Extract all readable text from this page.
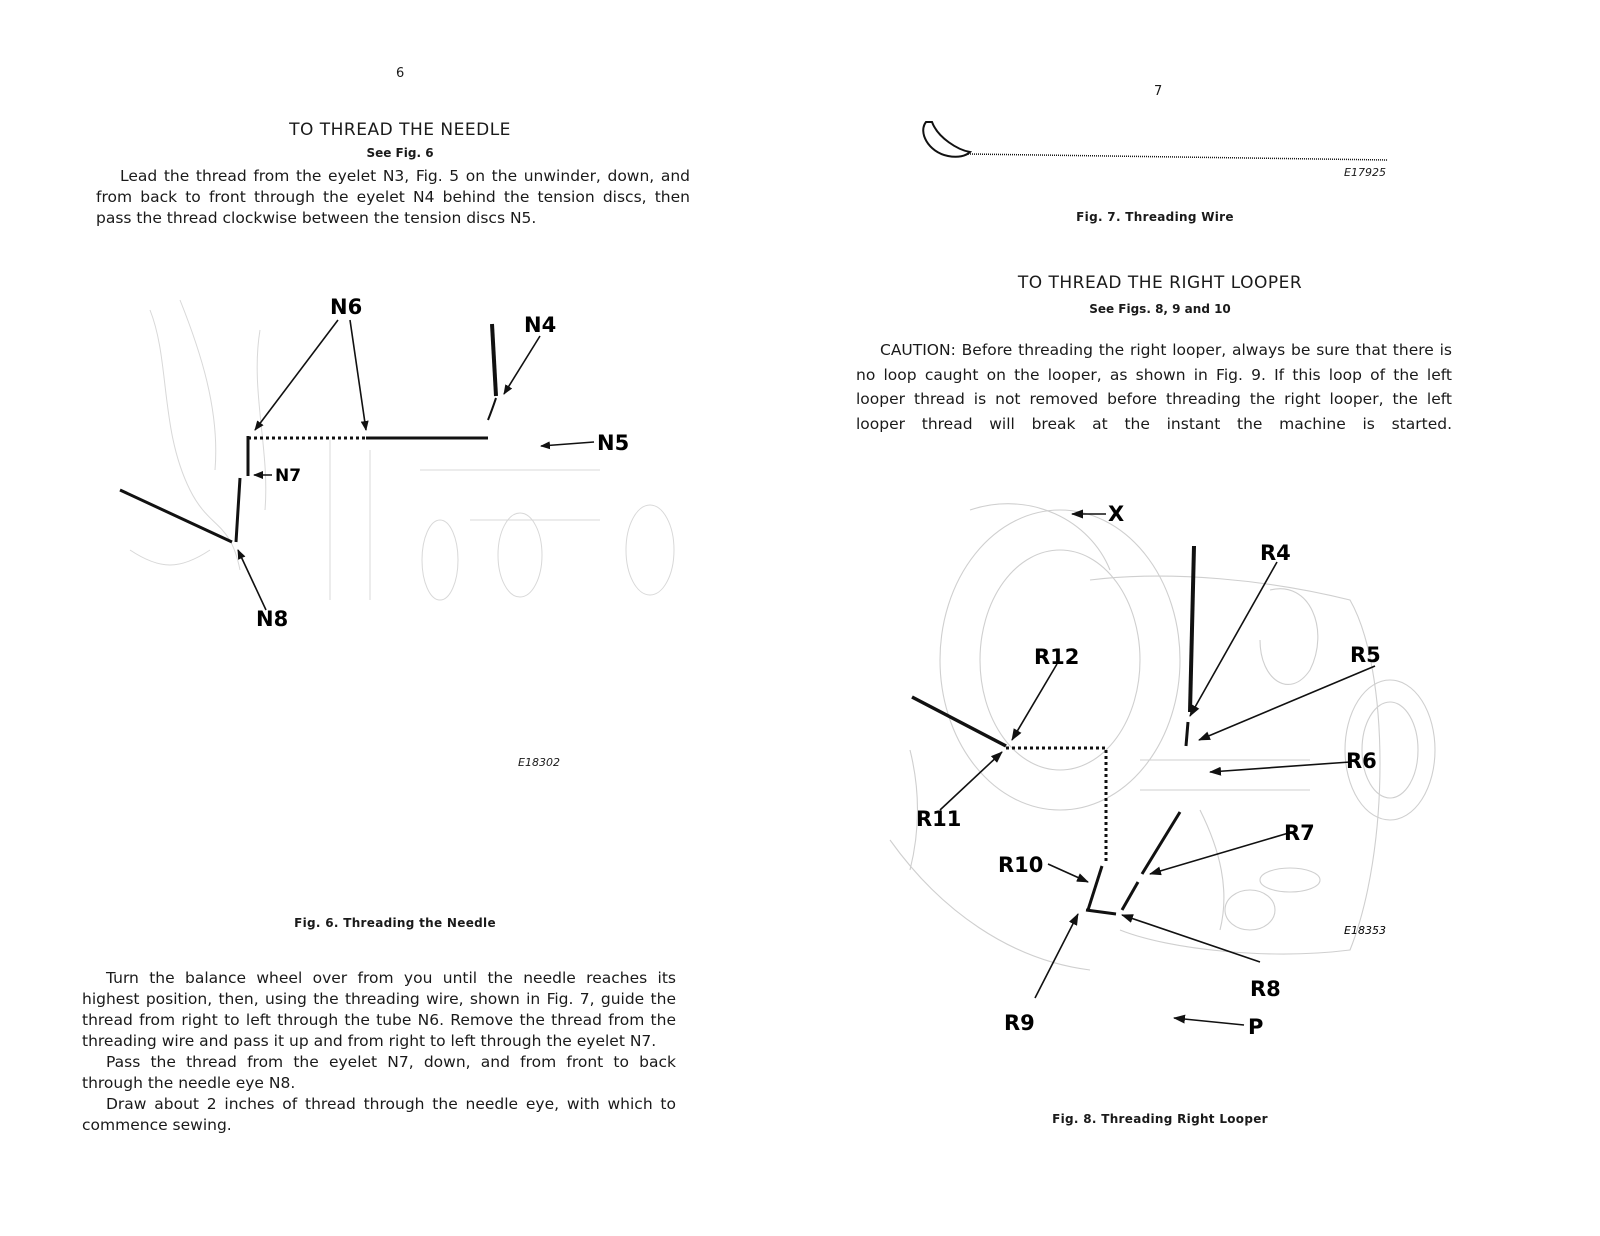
6
TO THREAD THE NEEDLE
See Fig. 6

Lead the thread from the eyelet N3, Fig. 5 on the unwinder, down, and from back to front through the eyelet N4 behind the tension discs, then pass the thread clockwise between the tension discs N5.

N6
N4
N5
N7
N8
E18302
Fig. 6. Threading the Needle

Turn the balance wheel over from you until the needle reaches its highest position, then, using the threading wire, shown in Fig. 7, guide the thread from right to left through the tube N6. Remove the thread from the threading wire and pass it up and from right to left through the eyelet N7.

Pass the thread from the eyelet N7, down, and from front to back through the needle eye N8.

Draw about 2 inches of thread through the needle eye, with which to commence sewing.

7
E17925
Fig. 7. Threading Wire
TO THREAD THE RIGHT LOOPER
See Figs. 8, 9 and 10

CAUTION: Before threading the right looper, always be sure that there is no loop caught on the looper, as shown in Fig. 9. If this loop of the left looper thread is not removed before threading the right looper, the left looper thread will break at the instant the machine is started.

X
R4
R12	R5
R6
R11
R7
R10
E18353
R8
R9	P
Fig. 8. Threading Right Looper
